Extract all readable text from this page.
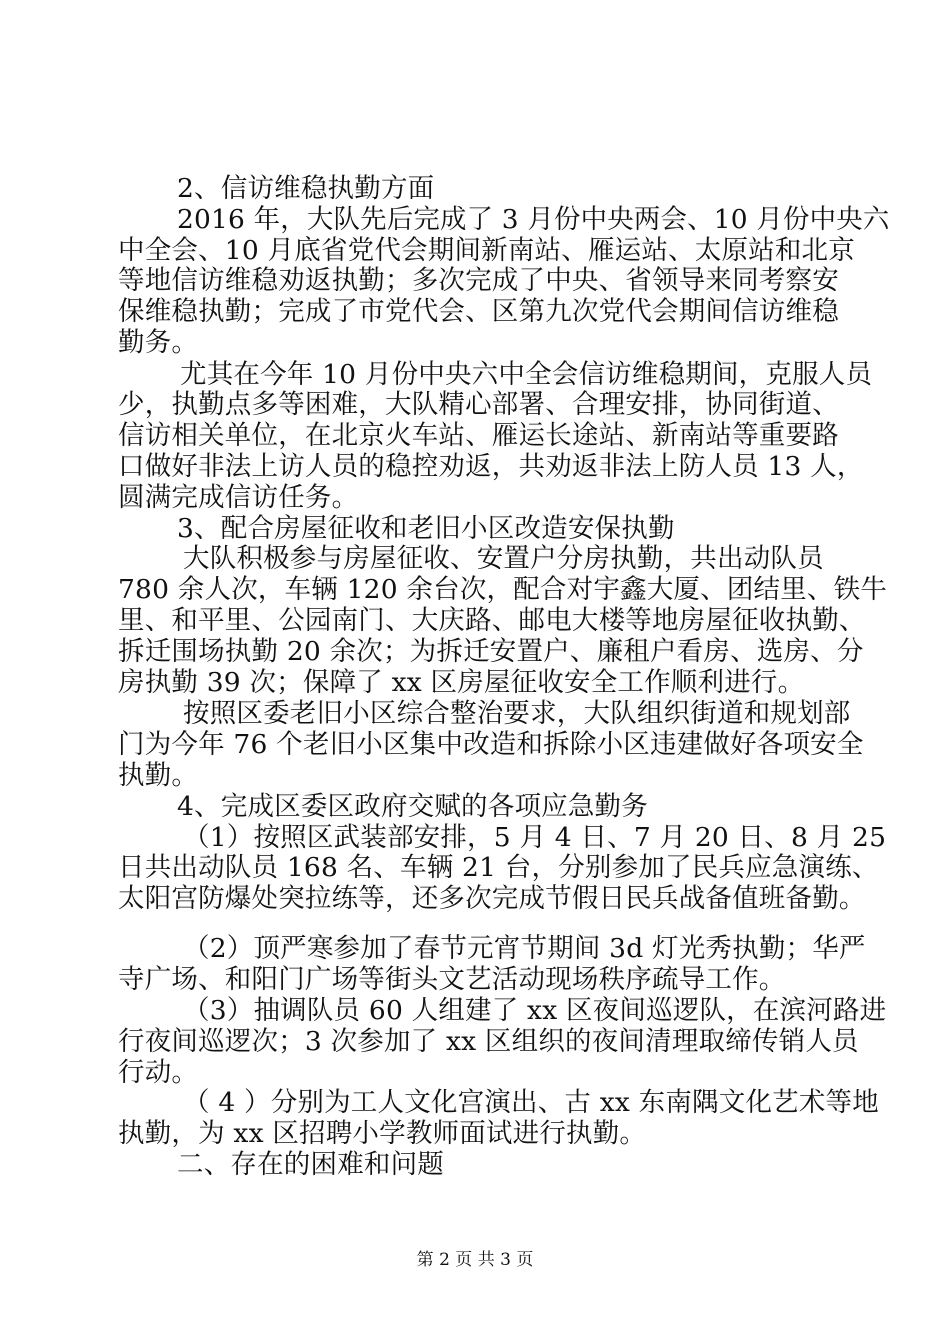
2、信访维稳执勤方面
2016 年，大队先后完成了 3 月份中央两会、10 月份中央六
中全会、10 月底省党代会期间新南站、雁运站、太原站和北京
等地信访维稳劝返执勤；多次完成了中央、省领导来同考察安
保维稳执勤；完成了市党代会、区第九次党代会期间信访维稳
勤务。
尤其在今年 10 月份中央六中全会信访维稳期间，克服人员
少，执勤点多等困难，大队精心部署、合理安排，协同街道、
信访相关单位，在北京火车站、雁运长途站、新南站等重要路
口做好非法上访人员的稳控劝返，共劝返非法上防人员 13 人，
圆满完成信访任务。
3、配合房屋征收和老旧小区改造安保执勤
大队积极参与房屋征收、安置户分房执勤，共出动队员
780 余人次，车辆 120 余台次，配合对宇鑫大厦、团结里、铁牛
里、和平里、公园南门、大庆路、邮电大楼等地房屋征收执勤、
拆迁围场执勤 20 余次；为拆迁安置户、廉租户看房、选房、分
房执勤 39 次；保障了 xx 区房屋征收安全工作顺利进行。
按照区委老旧小区综合整治要求，大队组织街道和规划部
门为今年 76 个老旧小区集中改造和拆除小区违建做好各项安全
执勤。
4、完成区委区政府交赋的各项应急勤务
（1）按照区武装部安排，5 月 4 日、7 月 20 日、8 月 25
日共出动队员 168 名、车辆 21 台，分别参加了民兵应急演练、
太阳宫防爆处突拉练等，还多次完成节假日民兵战备值班备勤。
（2）顶严寒参加了春节元宵节期间 3d 灯光秀执勤；华严
寺广场、和阳门广场等街头文艺活动现场秩序疏导工作。
（3）抽调队员 60 人组建了 xx 区夜间巡逻队，在滨河路进
行夜间巡逻次；3 次参加了 xx 区组织的夜间清理取缔传销人员
行动。
（ 4 ）分别为工人文化宫演出、古 xx 东南隅文化艺术等地
执勤，为 xx 区招聘小学教师面试进行执勤。
二、存在的困难和问题
第 2 页 共 3 页
